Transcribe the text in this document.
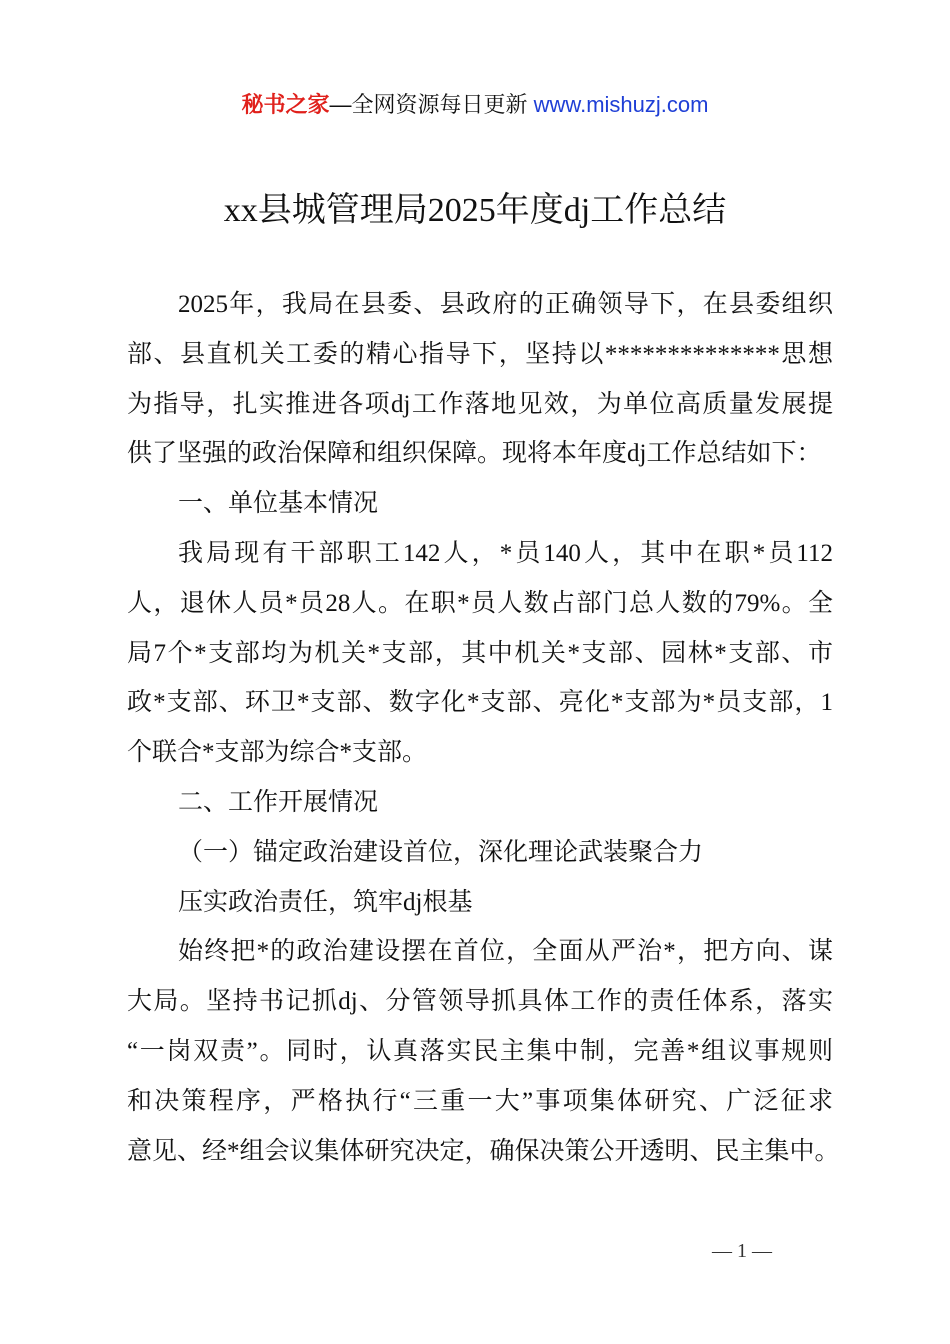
秘书之家—全网资源每日更新 www.mishuzj.com
xx县城管理局2025年度dj工作总结
2025年，我局在县委、县政府的正确领导下，在县委组织
部、县直机关工委的精心指导下，坚持以**************思想
为指导，扎实推进各项dj工作落地见效，为单位高质量发展提
供了坚强的政治保障和组织保障。现将本年度dj工作总结如下：
一、单位基本情况
我局现有干部职工142人，*员140人，其中在职*员112
人，退休人员*员28人。在职*员人数占部门总人数的79%。全
局7个*支部均为机关*支部，其中机关*支部、园林*支部、市
政*支部、环卫*支部、数字化*支部、亮化*支部为*员支部，1
个联合*支部为综合*支部。
二、工作开展情况
（一）锚定政治建设首位，深化理论武装聚合力
压实政治责任，筑牢dj根基
始终把*的政治建设摆在首位，全面从严治*，把方向、谋
大局。坚持书记抓dj、分管领导抓具体工作的责任体系，落实
“一岗双责”。同时，认真落实民主集中制，完善*组议事规则
和决策程序，严格执行“三重一大”事项集体研究、广泛征求
意见、经*组会议集体研究决定，确保决策公开透明、民主集中。
— 1 —
